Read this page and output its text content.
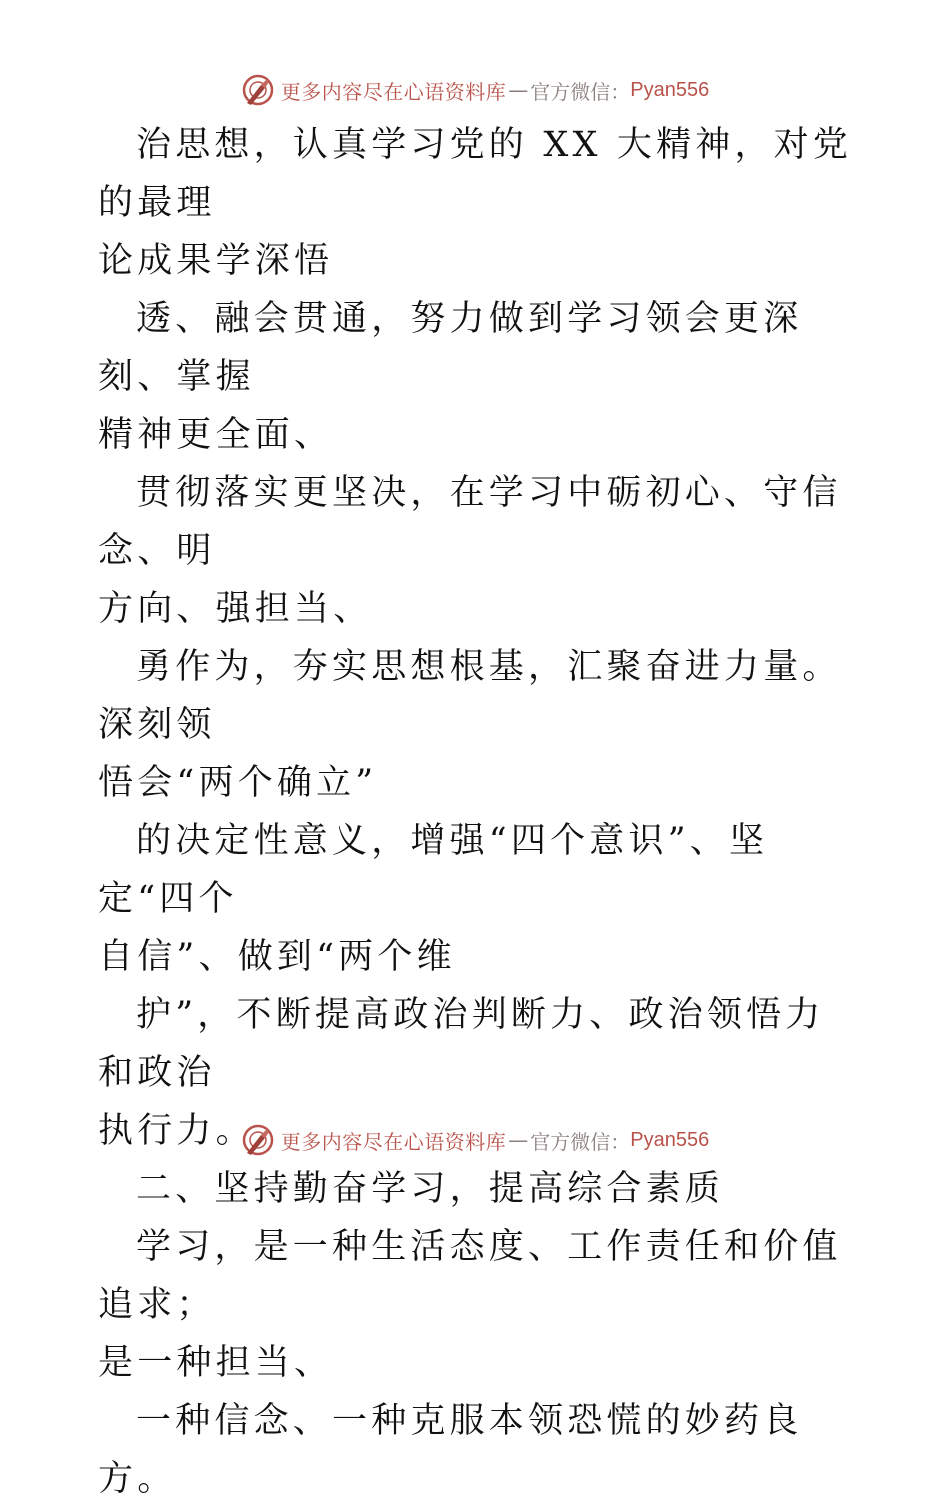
更多内容尽在心语资料库 — 官方微信： Pyan556

治思想，认真学习党的 XX 大精神，对党的最理
论成果学深悟

透、融会贯通，努力做到学习领会更深刻、掌握
精神更全面、

贯彻落实更坚决，在学习中砺初心、守信念、明
方向、强担当、

勇作为，夯实思想根基，汇聚奋进力量。深刻领
悟会“两个确立”

的决定性意义，增强“四个意识”、坚定“四个
自信”、做到“两个维

护”，不断提高政治判断力、政治领悟力和政治
执行力。

二、坚持勤奋学习，提高综合素质

学习，是一种生活态度、工作责任和价值追求；
是一种担当、

一种信念、一种克服本领恐慌的妙药良方。

更多内容尽在心语资料库 — 官方微信： Pyan556
